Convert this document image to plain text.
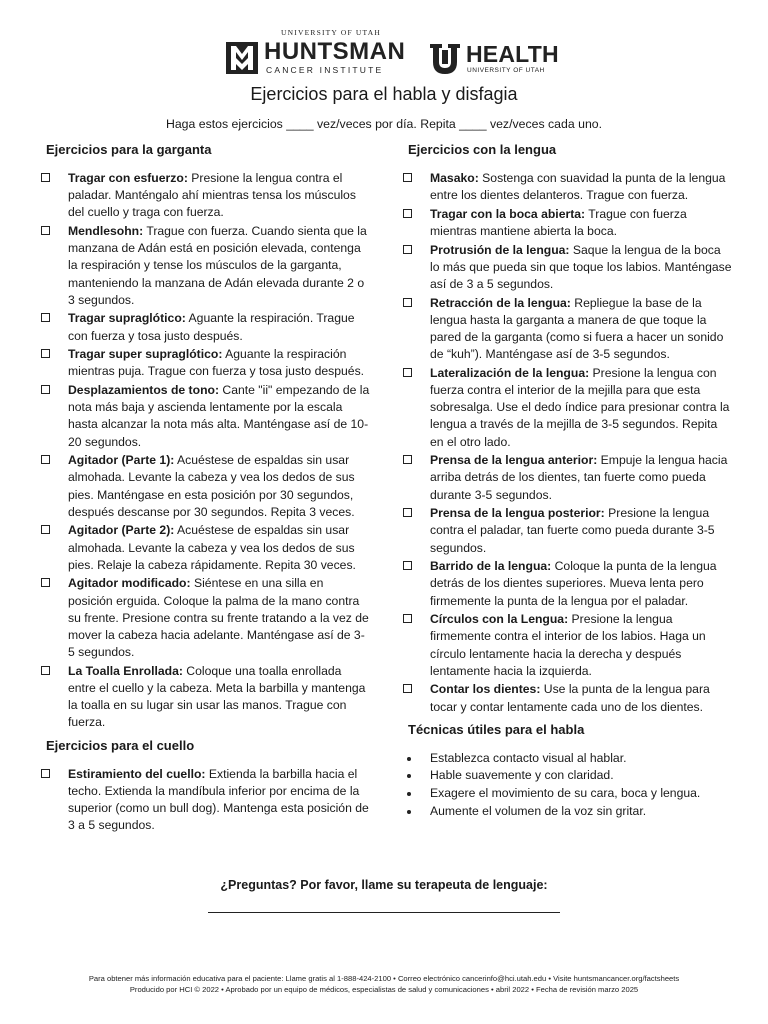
UNIVERSITY OF UTAH
HUNTSMAN
CANCER INSTITUTE
HEALTH
UNIVERSITY OF UTAH
Ejercicios para el habla y disfagia
Haga estos ejercicios ____ vez/veces por día. Repita ____ vez/veces cada uno.
Ejercicios para la garganta
Tragar con esfuerzo: Presione la lengua contra el paladar. Manténgalo ahí mientras tensa los músculos del cuello y traga con fuerza.
Mendlesohn: Trague con fuerza. Cuando sienta que la manzana de Adán está en posición elevada, contenga la respiración y tense los músculos de la garganta, manteniendo la manzana de Adán elevada durante 2 o 3 segundos.
Tragar supraglótico: Aguante la respiración. Trague con fuerza y tosa justo después.
Tragar super supraglótico: Aguante la respiración mientras puja. Trague con fuerza y tosa justo después.
Desplazamientos de tono: Cante "ii" empezando de la nota más baja y ascienda lentamente por la escala hasta alcanzar la nota más alta. Manténgase así de 10-20 segundos.
Agitador (Parte 1): Acuéstese de espaldas sin usar almohada. Levante la cabeza y vea los dedos de sus pies. Manténgase en esta posición por 30 segundos, después descanse por 30 segundos. Repita 3 veces.
Agitador (Parte 2): Acuéstese de espaldas sin usar almohada. Levante la cabeza y vea los dedos de sus pies. Relaje la cabeza rápidamente. Repita 30 veces.
Agitador modificado: Siéntese en una silla en posición erguida. Coloque la palma de la mano contra su frente. Presione contra su frente tratando a la vez de mover la cabeza hacia adelante. Manténgase así de 3-5 segundos.
La Toalla Enrollada: Coloque una toalla enrollada entre el cuello y la cabeza. Meta la barbilla y mantenga la toalla en su lugar sin usar las manos. Trague con fuerza.
Ejercicios para el cuello
Estiramiento del cuello: Extienda la barbilla hacia el techo. Extienda la mandíbula inferior por encima de la superior (como un bull dog). Mantenga esta posición de 3 a 5 segundos.
Ejercicios con la lengua
Masako: Sostenga con suavidad la punta de la lengua entre los dientes delanteros. Trague con fuerza.
Tragar con la boca abierta: Trague con fuerza mientras mantiene abierta la boca.
Protrusión de la lengua: Saque la lengua de la boca lo más que pueda sin que toque los labios. Manténgase así de 3 a 5 segundos.
Retracción de la lengua: Repliegue la base de la lengua hasta la garganta a manera de que toque la pared de la garganta (como si fuera a hacer un sonido de “kuh”). Manténgase así de 3-5 segundos.
Lateralización de la lengua: Presione la lengua con fuerza contra el interior de la mejilla para que esta sobresalga. Use el dedo índice para presionar contra la lengua a través de la mejilla de 3-5 segundos. Repita en el otro lado.
Prensa de la lengua anterior: Empuje la lengua hacia arriba detrás de los dientes, tan fuerte como pueda durante 3-5 segundos.
Prensa de la lengua posterior: Presione la lengua contra el paladar, tan fuerte como pueda durante 3-5 segundos.
Barrido de la lengua: Coloque la punta de la lengua detrás de los dientes superiores. Mueva lenta pero firmemente la punta de la lengua por el paladar.
Círculos con la Lengua: Presione la lengua firmemente contra el interior de los labios. Haga un círculo lentamente hacia la derecha y después lentamente hacia la izquierda.
Contar los dientes: Use la punta de la lengua para tocar y contar lentamente cada uno de los dientes.
Técnicas útiles para el habla
Establezca contacto visual al hablar.
Hable suavemente y con claridad.
Exagere el movimiento de su cara, boca y lengua.
Aumente el volumen de la voz sin gritar.
¿Preguntas? Por favor, llame su terapeuta de lenguaje:
Para obtener más información educativa para el paciente: Llame gratis al 1-888-424-2100 • Correo electrónico cancerinfo@hci.utah.edu • Visite huntsmancancer.org/factsheets
Producido por HCI © 2022 • Aprobado por un equipo de médicos, especialistas de salud y comunicaciones • abril 2022 • Fecha de revisión marzo 2025
